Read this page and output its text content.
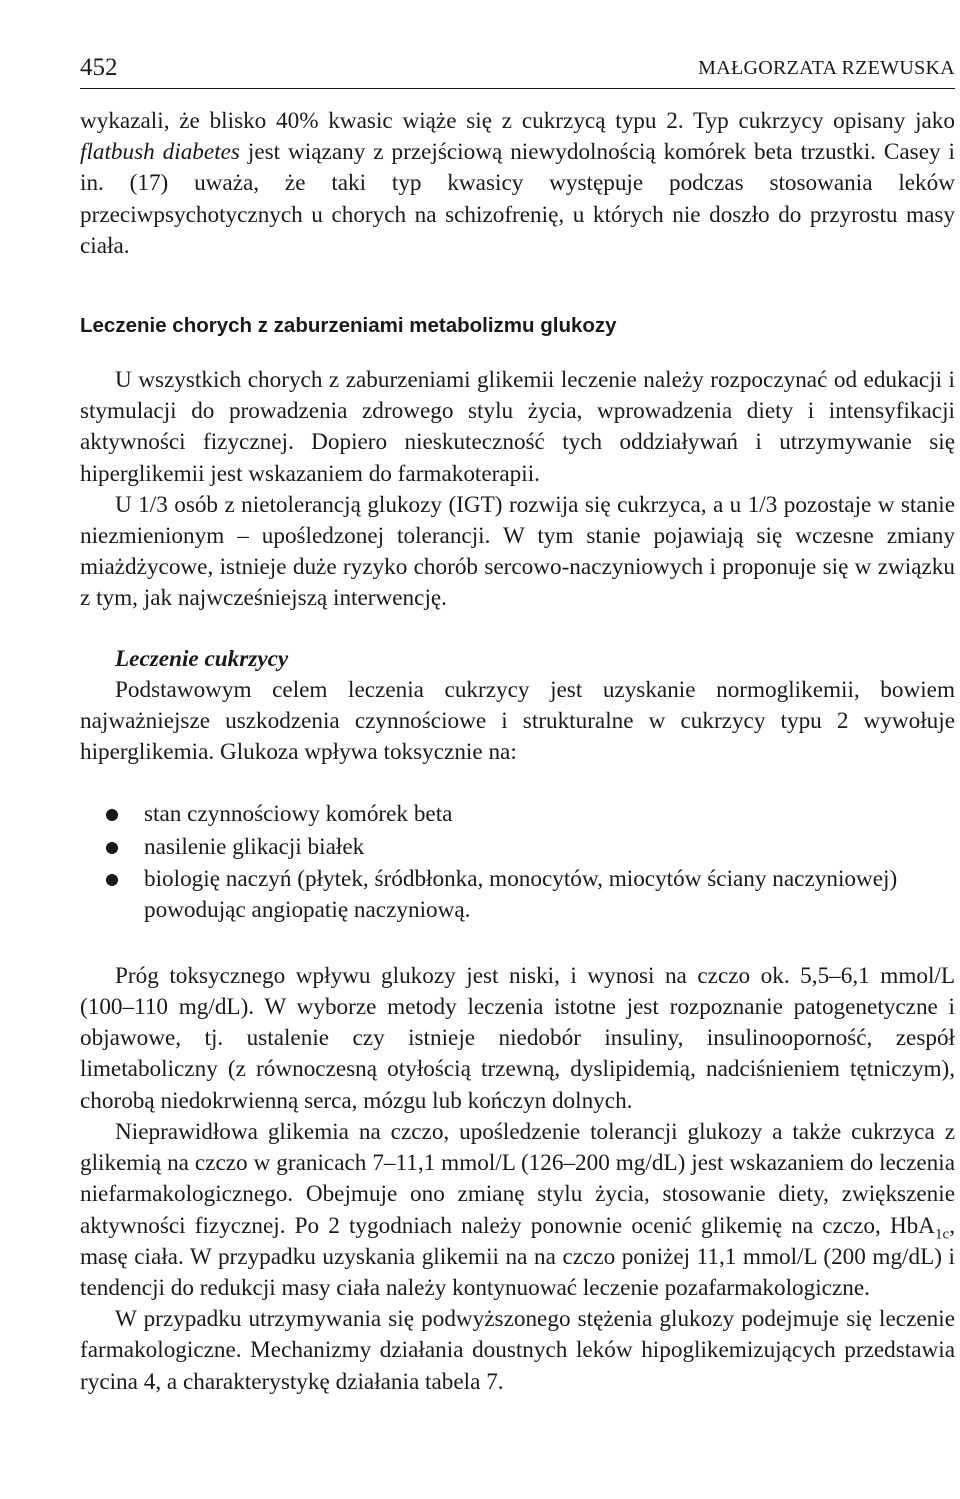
452	MAŁGORZATA RZEWUSKA

wykazali, że blisko 40% kwasic wiąże się z cukrzycą typu 2. Typ cukrzycy opisany jako flatbush diabetes jest wiązany z przejściową niewydolnością komórek beta trzustki. Casey i in. (17) uważa, że taki typ kwasicy występuje podczas stosowania leków przeciwpsychotycznych u chorych na schizofrenię, u których nie doszło do przyrostu masy ciała.

Leczenie chorych z zaburzeniami metabolizmu glukozy

U wszystkich chorych z zaburzeniami glikemii leczenie należy rozpoczynać od edukacji i stymulacji do prowadzenia zdrowego stylu życia, wprowadzenia diety i intensyfikacji aktywności fizycznej. Dopiero nieskuteczność tych oddziaływań i utrzymywanie się hiperglikemii jest wskazaniem do farmakoterapii.

U 1/3 osób z nietolerancją glukozy (IGT) rozwija się cukrzyca, a u 1/3 pozostaje w stanie niezmienionym – upośledzonej tolerancji. W tym stanie pojawiają się wczesne zmiany miażdżycowe, istnieje duże ryzyko chorób sercowo-naczyniowych i proponuje się w związku z tym, jak najwcześniejszą interwencję.

Leczenie cukrzycy

Podstawowym celem leczenia cukrzycy jest uzyskanie normoglikemii, bowiem najważniejsze uszkodzenia czynnościowe i strukturalne w cukrzycy typu 2 wywołuje hiperglikemia. Glukoza wpływa toksycznie na:

stan czynnościowy komórek beta
nasilenie glikacji białek
biologię naczyń (płytek, śródbłonka, monocytów, miocytów ściany naczyniowej) powodując angiopatię naczyniową.

Próg toksycznego wpływu glukozy jest niski, i wynosi na czczo ok. 5,5–6,1 mmol/L (100–110 mg/dL). W wyborze metody leczenia istotne jest rozpoznanie patogenetyczne i objawowe, tj. ustalenie czy istnieje niedobór insuliny, insulinooporność, zespół limetaboliczny (z równoczesną otyłością trzewną, dyslipidemią, nadciśnieniem tętniczym), chorobą niedokrwienną serca, mózgu lub kończyn dolnych.

Nieprawidłowa glikemia na czczo, upośledzenie tolerancji glukozy a także cukrzyca z glikemią na czczo w granicach 7–11,1 mmol/L (126–200 mg/dL) jest wskazaniem do leczenia niefarmakologicznego. Obejmuje ono zmianę stylu życia, stosowanie diety, zwiększenie aktywności fizycznej. Po 2 tygodniach należy ponownie ocenić glikemię na czczo, HbA$_{1c}$, masę ciała. W przypadku uzyskania glikemii na na czczo poniżej 11,1 mmol/L (200 mg/dL) i tendencji do redukcji masy ciała należy kontynuować leczenie pozafarmakologiczne.

W przypadku utrzymywania się podwyższonego stężenia glukozy podejmuje się leczenie farmakologiczne. Mechanizmy działania doustnych leków hipoglikemizujących przedstawia rycina 4, a charakterystykę działania tabela 7.
